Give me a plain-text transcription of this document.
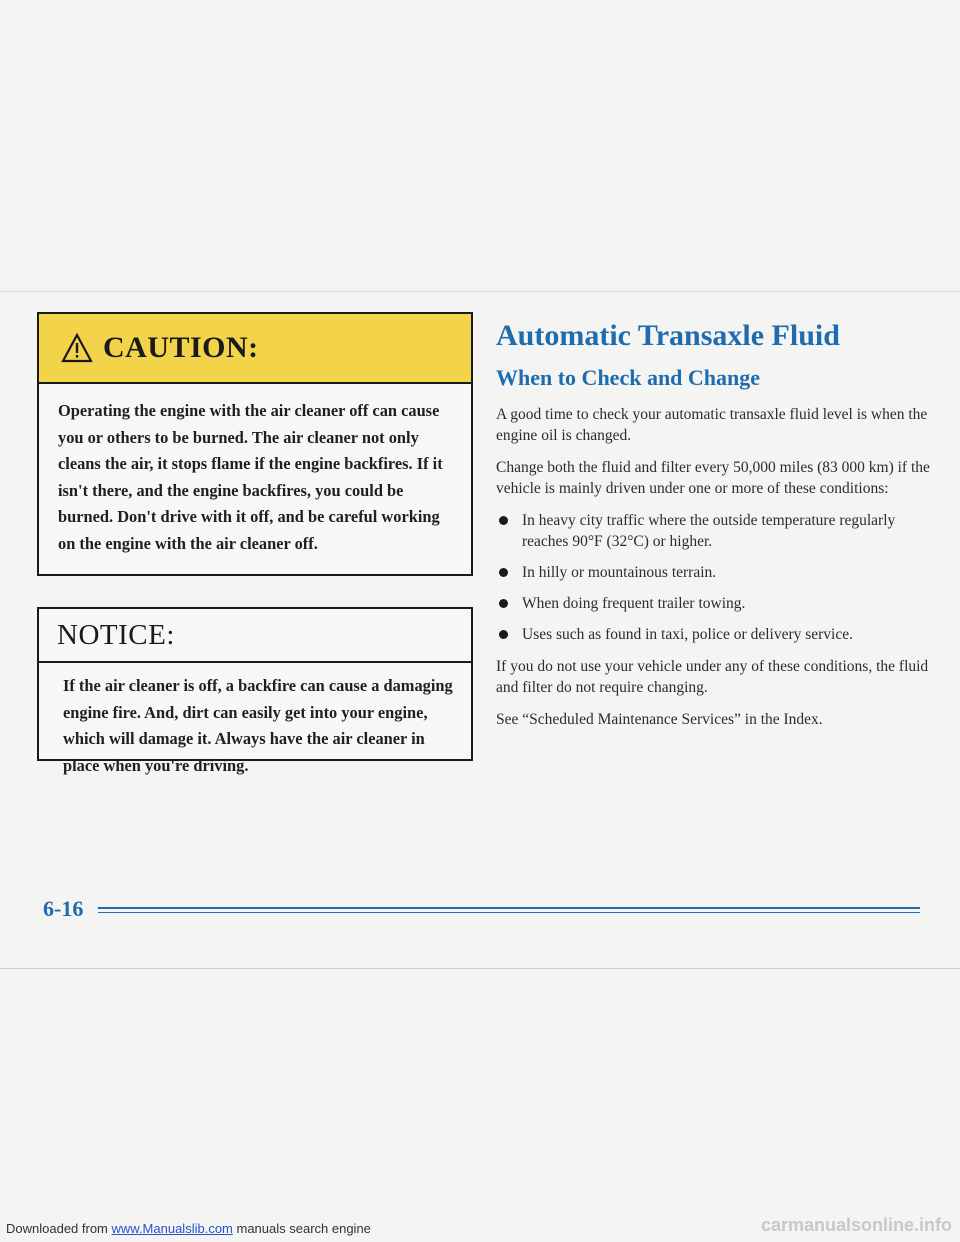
CAUTION:
Operating the engine with the air cleaner off can cause you or others to be burned. The air cleaner not only cleans the air, it stops flame if the engine backfires. If it isn't there, and the engine backfires, you could be burned. Don't drive with it off, and be careful working on the engine with the air cleaner off.
NOTICE:
If the air cleaner is off, a backfire can cause a damaging engine fire. And, dirt can easily get into your engine, which will damage it. Always have the air cleaner in place when you're driving.
Automatic Transaxle Fluid
When to Check and Change

A good time to check your automatic transaxle fluid level is when the engine oil is changed.

Change both the fluid and filter every 50,000 miles (83 000 km) if the vehicle is mainly driven under one or more of these conditions:

In heavy city traffic where the outside temperature regularly reaches 90°F (32°C) or higher.
In hilly or mountainous terrain.
When doing frequent trailer towing.
Uses such as found in taxi, police or delivery service.

If you do not use your vehicle under any of these conditions, the fluid and filter do not require changing.

See “Scheduled Maintenance Services” in the Index.

6-16
Downloaded from www.Manualslib.com manuals search engine	carmanualsonline.info
